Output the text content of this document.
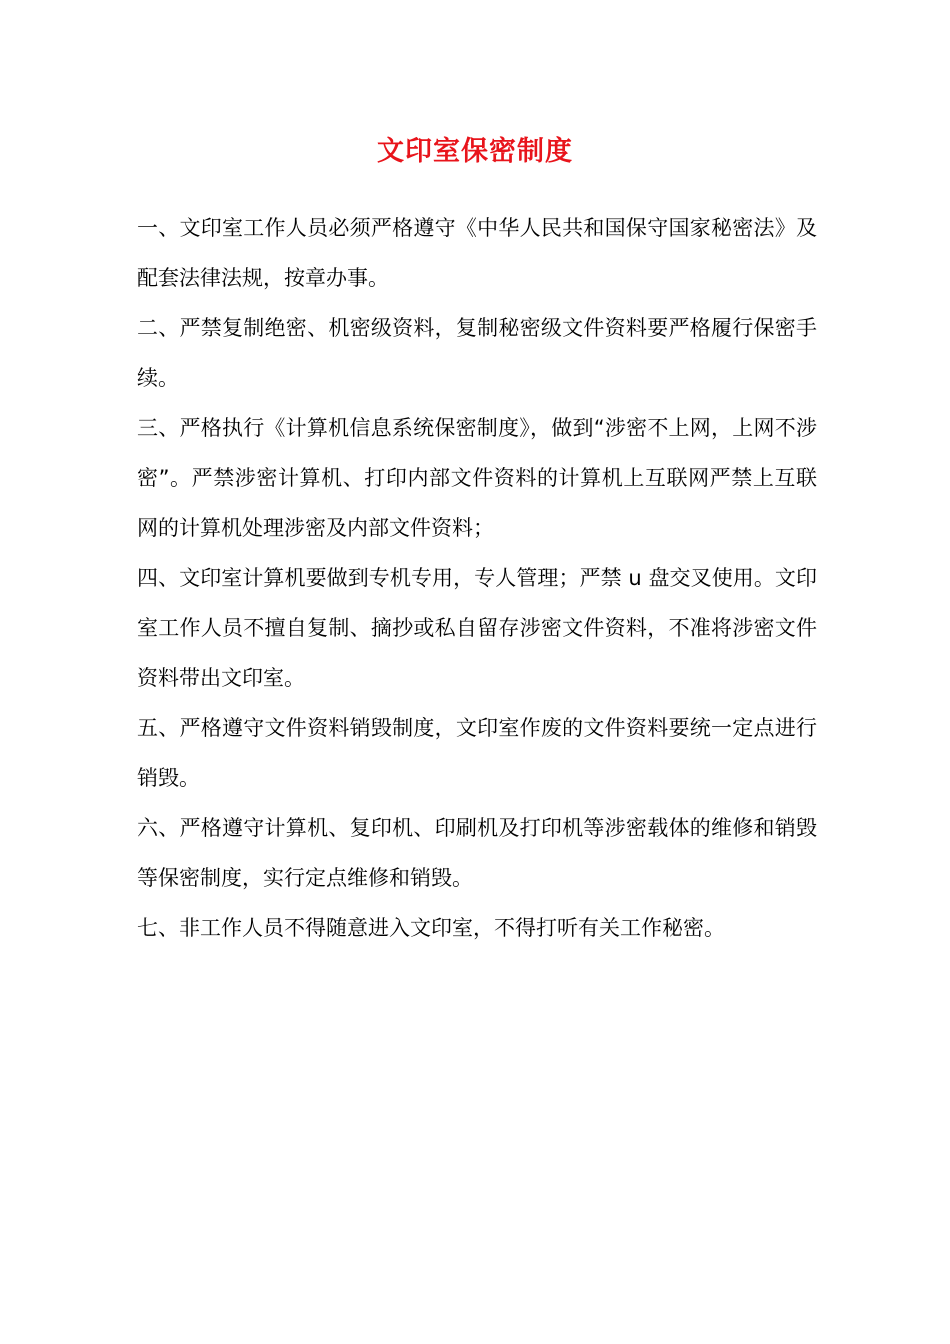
文印室保密制度

一、文印室工作人员必须严格遵守《中华人民共和国保守国家秘密法》及配套法律法规，按章办事。

二、严禁复制绝密、机密级资料，复制秘密级文件资料要严格履行保密手续。

三、严格执行《计算机信息系统保密制度》，做到“涉密不上网，上网不涉密”。严禁涉密计算机、打印内部文件资料的计算机上互联网严禁上互联网的计算机处理涉密及内部文件资料；

四、文印室计算机要做到专机专用，专人管理；严禁 u 盘交叉使用。文印室工作人员不擅自复制、摘抄或私自留存涉密文件资料，不准将涉密文件资料带出文印室。

五、严格遵守文件资料销毁制度，文印室作废的文件资料要统一定点进行销毁。

六、严格遵守计算机、复印机、印刷机及打印机等涉密载体的维修和销毁等保密制度，实行定点维修和销毁。

七、非工作人员不得随意进入文印室，不得打听有关工作秘密。
